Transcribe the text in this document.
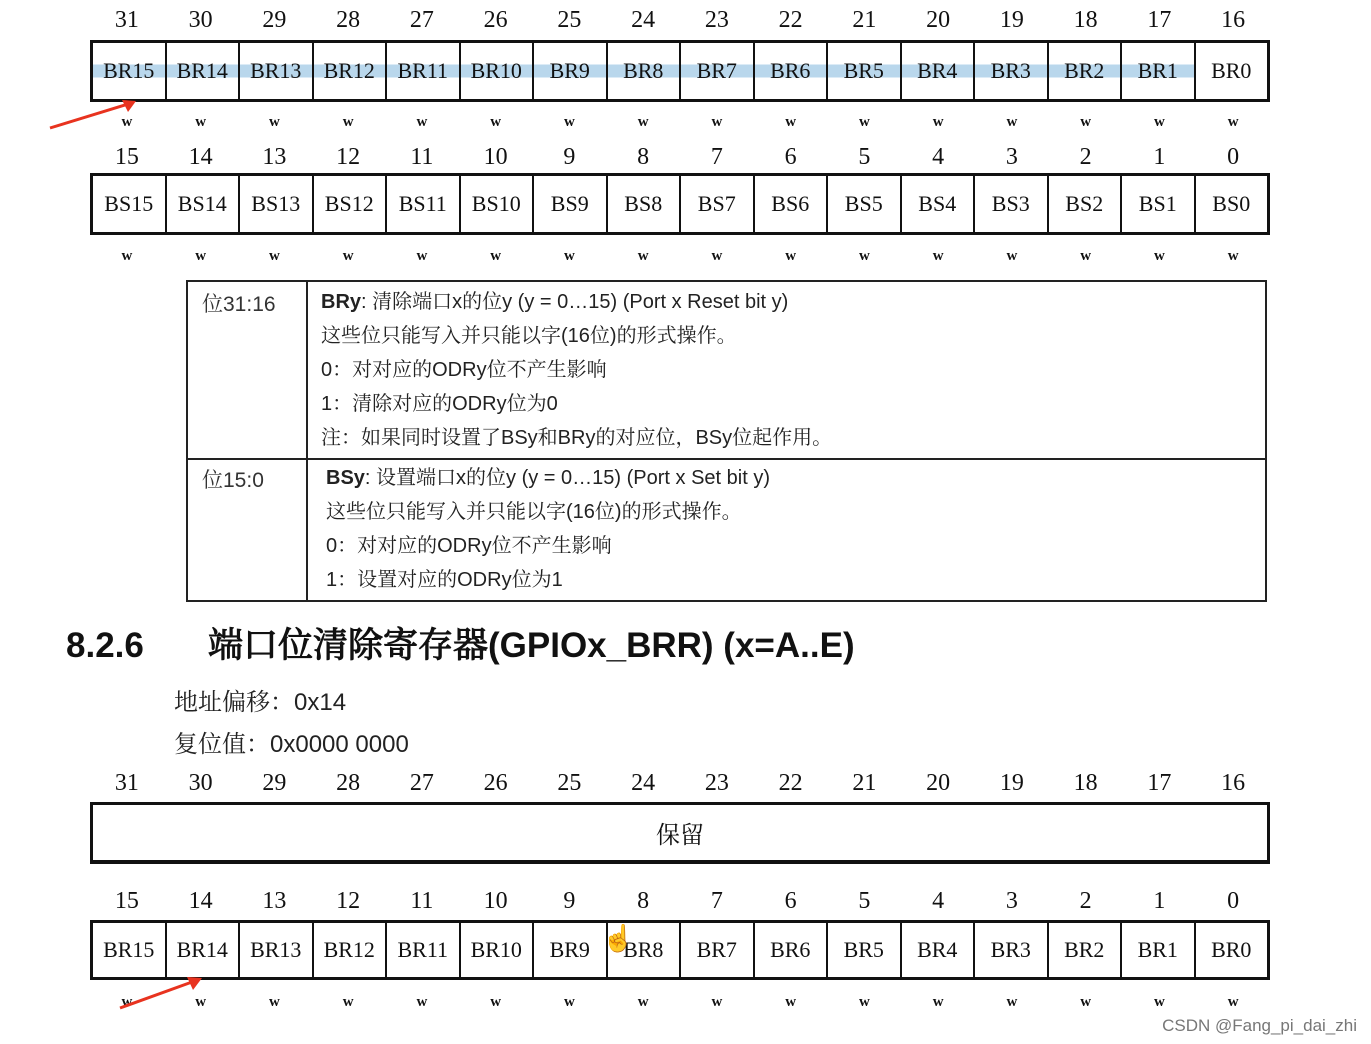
31	30	29	28	27	26	25	24	23	22	21	20	19	18	17	16
BR15	BR14	BR13	BR12	BR11	BR10	BR9	BR8	BR7	BR6	BR5	BR4	BR3	BR2	BR1	BR0
w	w	w	w	w	w	w	w	w	w	w	w	w	w	w	w
15	14	13	12	11	10	9	8	7	6	5	4	3	2	1	0
BS15	BS14	BS13	BS12	BS11	BS10	BS9	BS8	BS7	BS6	BS5	BS4	BS3	BS2	BS1	BS0
w	w	w	w	w	w	w	w	w	w	w	w	w	w	w	w
位31:16	BRy: 清除端口x的位y (y = 0…15) (Port x Reset bit y)
这些位只能写入并只能以字(16位)的形式操作。
0：对对应的ODRy位不产生影响
1：清除对应的ODRy位为0
注：如果同时设置了BSy和BRy的对应位，BSy位起作用。
位15:0	BSy: 设置端口x的位y (y = 0…15) (Port x Set bit y)
这些位只能写入并只能以字(16位)的形式操作。
0：对对应的ODRy位不产生影响
1：设置对应的ODRy位为1
8.2.6 端口位清除寄存器(GPIOx_BRR) (x=A..E)
地址偏移：0x14
复位值：0x0000 0000
31	30	29	28	27	26	25	24	23	22	21	20	19	18	17	16
保留
15	14	13	12	11	10	9	8	7	6	5	4	3	2	1	0
BR15	BR14	BR13	BR12	BR11	BR10	BR9	BR8	BR7	BR6	BR5	BR4	BR3	BR2	BR1	BR0
w	w	w	w	w	w	w	w	w	w	w	w	w	w	w	w
☝
CSDN @Fang_pi_dai_zhi
